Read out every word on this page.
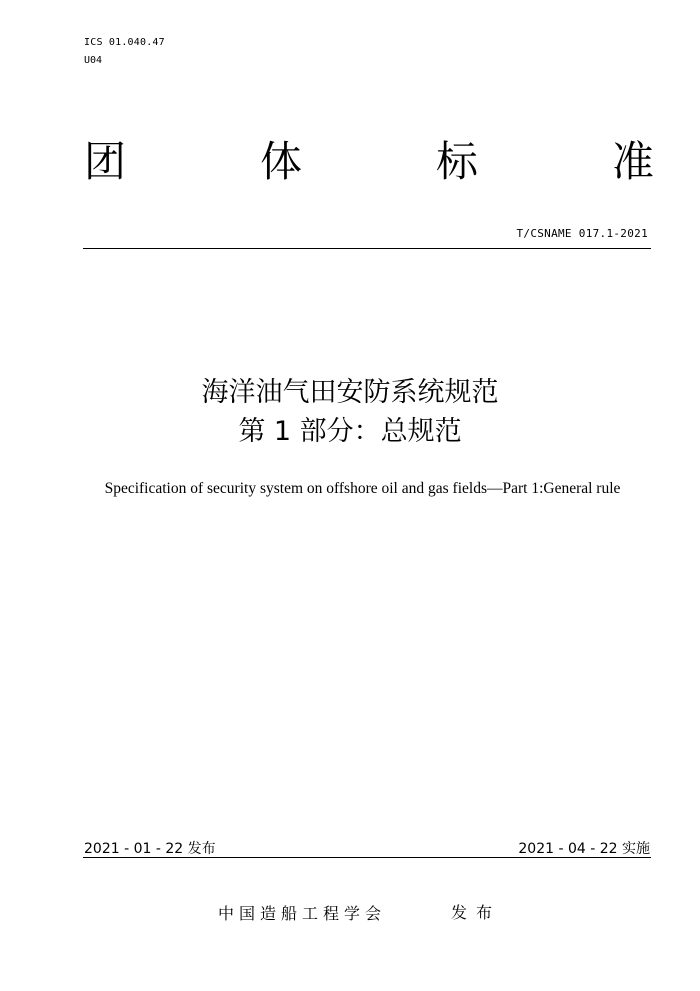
ICS 01.040.47
U04
团	体	标	准
T/CSNAME 017.1-2021
海洋油气田安防系统规范
第 1 部分：总规范
Specification of security system on offshore oil and gas fields—Part 1:General rule
2021 - 01 - 22 发布	2021 - 04 - 22 实施
中国造船工程学会	发布
